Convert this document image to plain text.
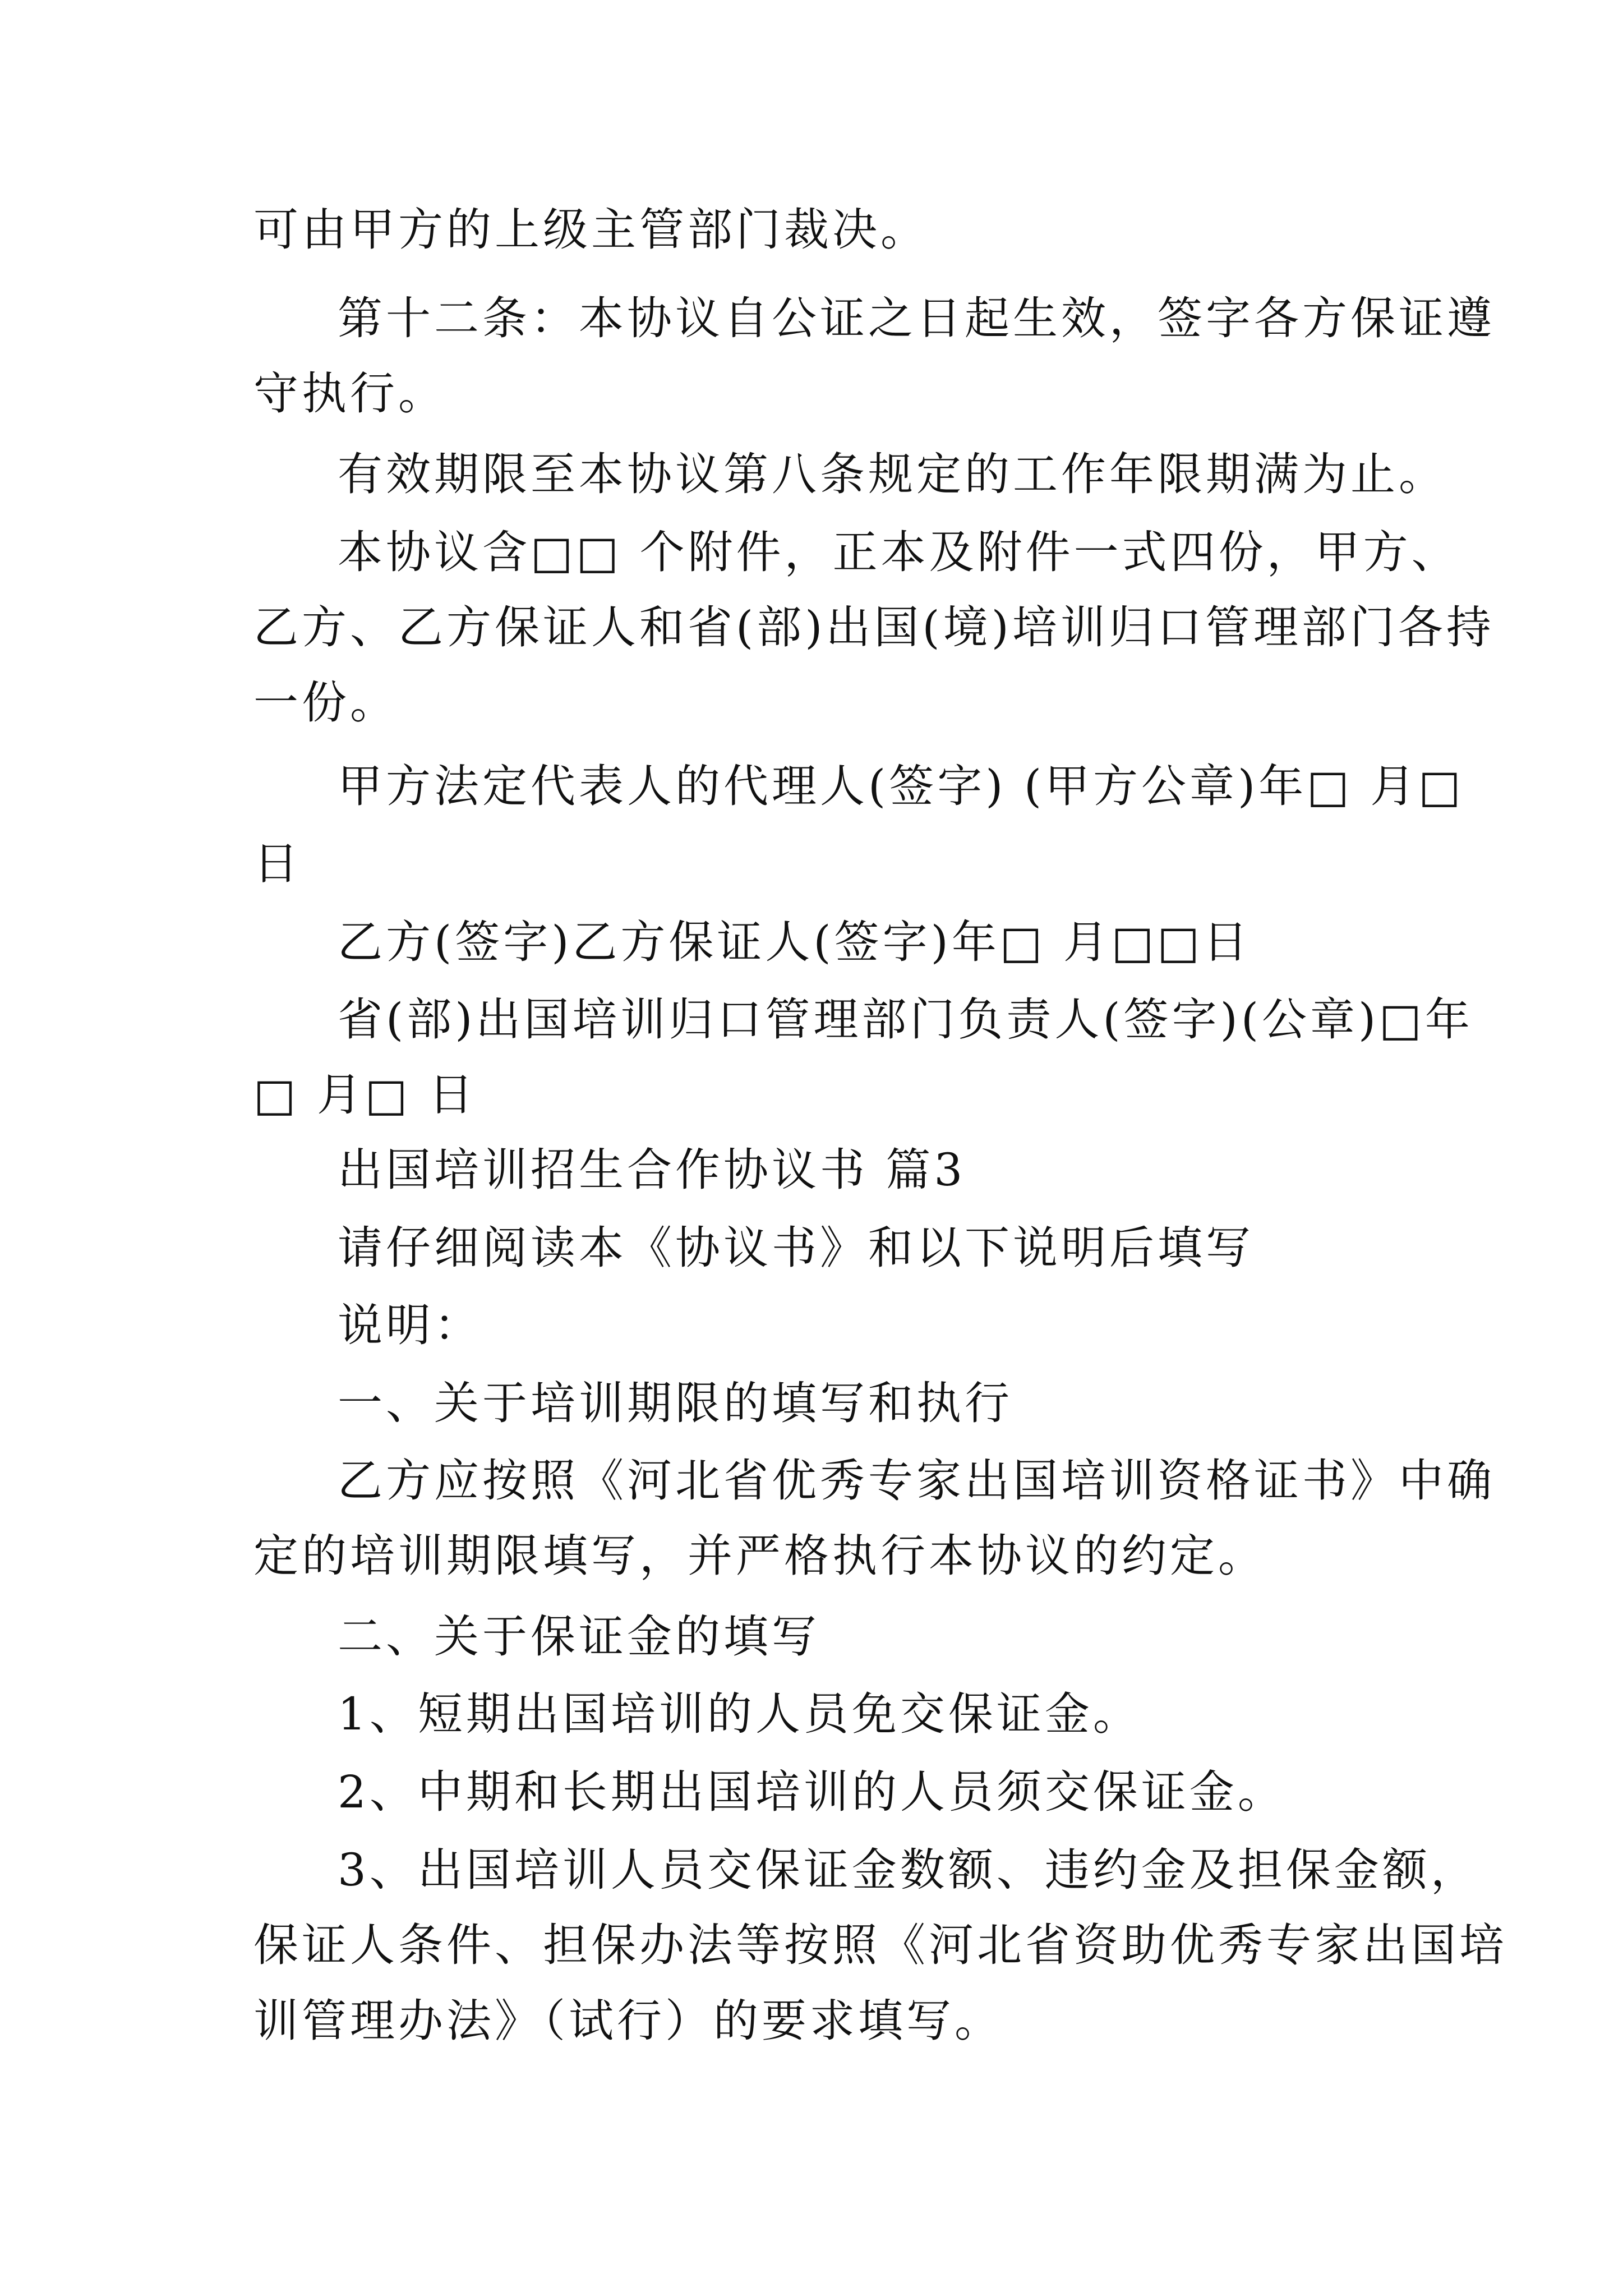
可由甲方的上级主管部门裁决。
第十二条：本协议自公证之日起生效，签字各方保证遵
守执行。
有效期限至本协议第八条规定的工作年限期满为止。
本协议含□□ 个附件，正本及附件一式四份，甲方、
乙方、乙方保证人和省(部)出国(境)培训归口管理部门各持
一份。
甲方法定代表人的代理人(签字) (甲方公章)年□ 月□
日
乙方(签字)乙方保证人(签字)年□ 月□□日
省(部)出国培训归口管理部门负责人(签字)(公章)□年
□ 月□ 日
出国培训招生合作协议书 篇3
请仔细阅读本《协议书》和以下说明后填写
说明：
一、关于培训期限的填写和执行
乙方应按照《河北省优秀专家出国培训资格证书》中确
定的培训期限填写，并严格执行本协议的约定。
二、关于保证金的填写
1、短期出国培训的人员免交保证金。
2、中期和长期出国培训的人员须交保证金。
3、出国培训人员交保证金数额、违约金及担保金额，
保证人条件、担保办法等按照《河北省资助优秀专家出国培
训管理办法》（试行）的要求填写。
